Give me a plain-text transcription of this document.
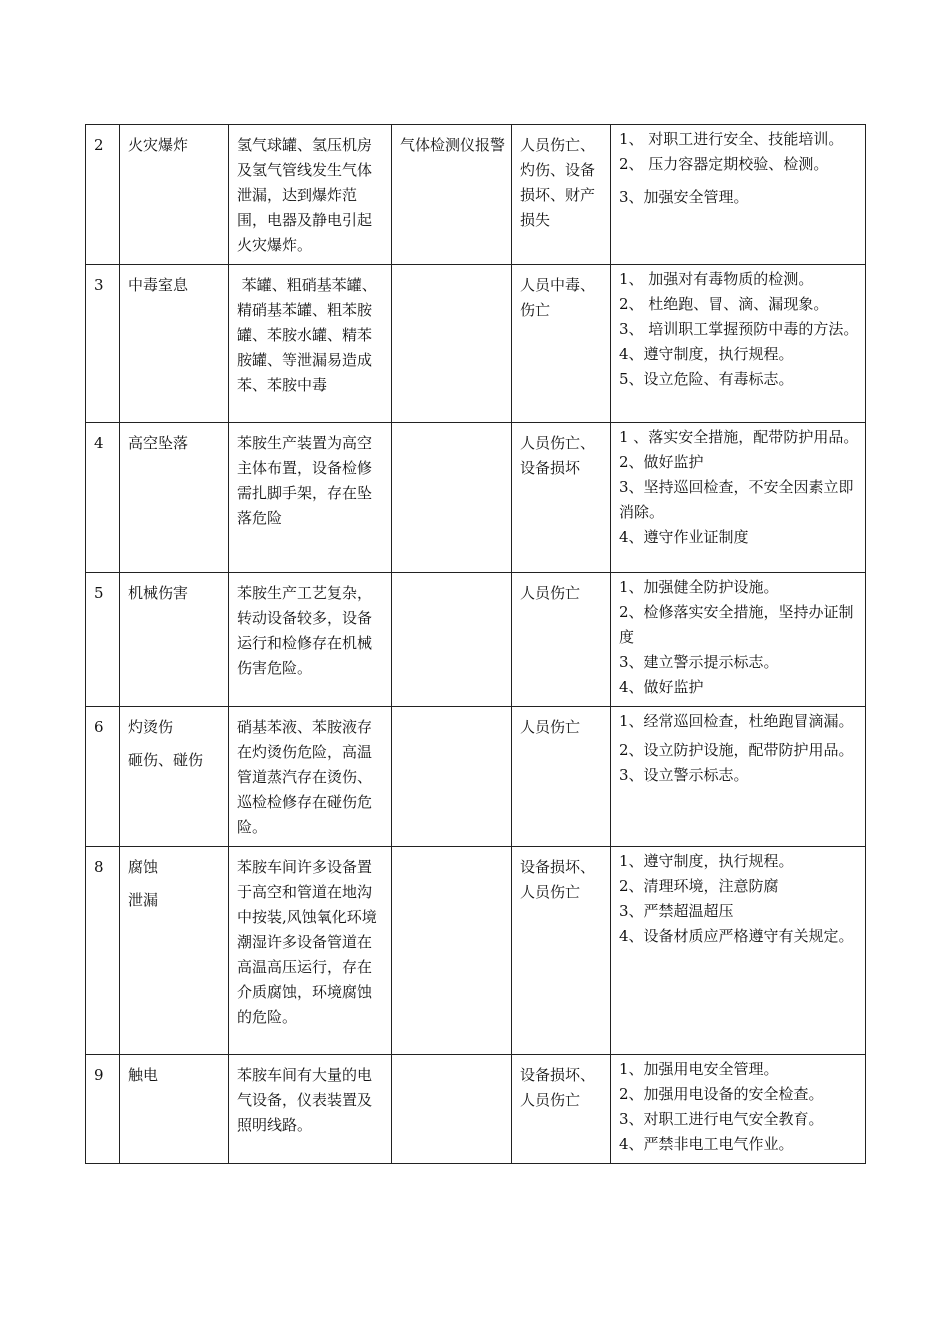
2	火灾爆炸	氢气球罐、氢压机房及氢气管线发生气体泄漏，达到爆炸范围，电器及静电引起火灾爆炸。	气体检测仪报警	人员伤亡、灼伤、设备损坏、财产损失	1、 对职工进行安全、技能培训。
2、 压力容器定期校验、检测。
3、加强安全管理。

3	中毒室息	苯罐、粗硝基苯罐、精硝基苯罐、粗苯胺罐、苯胺水罐、精苯胺罐、等泄漏易造成苯、苯胺中毒		人员中毒、伤亡	1、 加强对有毒物质的检测。
2、 杜绝跑、冒、滴、漏现象。
3、 培训职工掌握预防中毒的方法。
4、遵守制度，执行规程。
5、设立危险、有毒标志。

4	高空坠落	苯胺生产装置为高空主体布置，设备检修需扎脚手架，存在坠落危险		人员伤亡、设备损坏	1 、落实安全措施，配带防护用品。
2、做好监护
3、坚持巡回检查，不安全因素立即消除。
4、遵守作业证制度

5	机械伤害	苯胺生产工艺复杂，转动设备较多，设备运行和检修存在机械伤害危险。		人员伤亡	1、加强健全防护设施。
2、检修落实安全措施，坚持办证制度
3、建立警示提示标志。
4、做好监护

6	灼烫伤
砸伤、碰伤	硝基苯液、苯胺液存在灼烫伤危险，高温管道蒸汽存在烫伤、巡检检修存在碰伤危险。		人员伤亡	1、经常巡回检查，杜绝跑冒滴漏。
2、设立防护设施，配带防护用品。
3、设立警示标志。

8	腐蚀
泄漏	苯胺车间许多设备置于高空和管道在地沟中按装,风蚀氧化环境潮湿许多设备管道在高温高压运行，存在介质腐蚀，环境腐蚀的危险。		设备损坏、人员伤亡	1、遵守制度，执行规程。
2、清理环境，注意防腐
3、严禁超温超压
4、设备材质应严格遵守有关规定。

9	触电	苯胺车间有大量的电气设备，仪表装置及照明线路。		设备损坏、人员伤亡	1、加强用电安全管理。
2、加强用电设备的安全检查。
3、对职工进行电气安全教育。
4、严禁非电工电气作业。
